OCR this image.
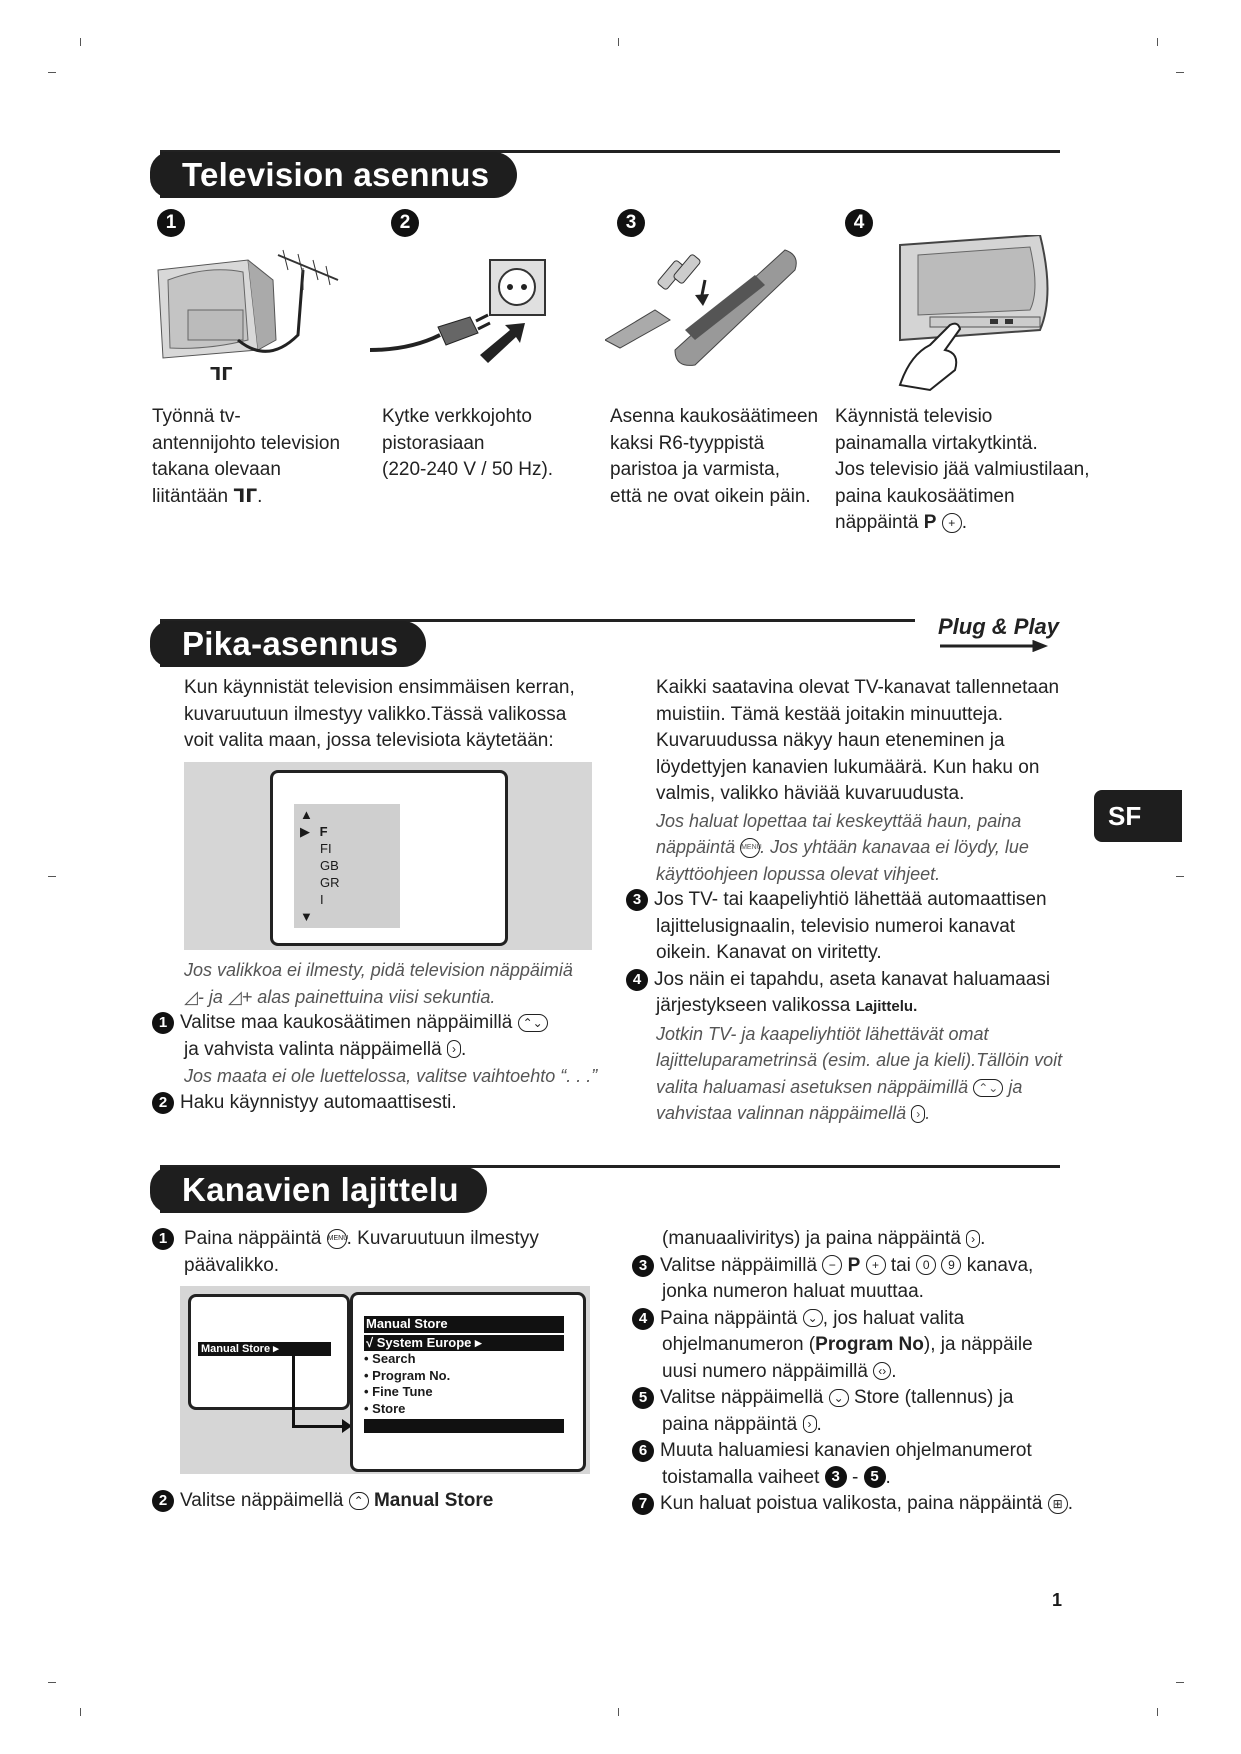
Television asennus
1	2	3	4
ᒣᒥ

Työnnä tv-

antennijohto television

takana olevaan

liitäntään ᒣᒥ.

Kytke verkkojohto

pistorasiaan

(220-240 V / 50 Hz).

Asenna kaukosäätimeen

kaksi R6-tyyppistä

paristoa ja varmista,

että ne ovat oikein päin.

Käynnistä televisio

painamalla virtakytkintä.

Jos televisio jää valmiustilaan,

paina kaukosäätimen

näppäintä P + .

Pika-asennus	Plug & Play

Kun käynnistät television ensimmäisen kerran,

kuvaruutuun ilmestyy valikko.Tässä valikossa

voit valita maan, jossa televisiota käytetään:

▲
▶ F
FI
GB
GR
I
▼

Jos valikkoa ei ilmesty, pidä television näppäimiä

◿- ja ◿+ alas painettuina viisi sekuntia.

1 Valitse maa kaukosäätimen näppäimillä ⌃⌄

ja vahvista valinta näppäimellä › .

Jos maata ei ole luettelossa, valitse vaihtoehto “. . .”

2 Haku käynnistyy automaattisesti.

Kaikki saatavina olevat TV-kanavat tallennetaan

muistiin. Tämä kestää joitakin minuutteja.

Kuvaruudussa näkyy haun eteneminen ja

löydettyjen kanavien lukumäärä. Kun haku on

valmis, valikko häviää kuvaruudusta.

Jos haluat lopettaa tai keskeyttää haun, paina

näppäintä MENU. Jos yhtään kanavaa ei löydy, lue

käyttöohjeen lopussa olevat vihjeet.

3 Jos TV- tai kaapeliyhtiö lähettää automaattisen

lajittelusignaalin, televisio numeroi kanavat

oikein. Kanavat on viritetty.

4 Jos näin ei tapahdu, aseta kanavat haluamaasi

järjestykseen valikossa Lajittelu.

Jotkin TV- ja kaapeliyhtiöt lähettävät omat

lajitteluparametrinsä (esim. alue ja kieli).Tällöin voit

valita haluamasi asetuksen näppäimillä ⌃⌄ ja

vahvistaa valinnan näppäimellä › .

SF
Kanavien lajittelu

1 Paina näppäintä MENU. Kuvaruutuun ilmestyy

päävalikko.

Manual Store ▸
Manual Store
√ System Europe ▸
• Search
• Program No.
• Fine Tune
• Store

2 Valitse näppäimellä ⌃ Manual Store

(manuaaliviritys) ja paina näppäintä › .

3 Valitse näppäimillä − P + tai 0 9 kanava,

jonka numeron haluat muuttaa.

4 Paina näppäintä ⌄ , jos haluat valita

ohjelmanumeron (Program No), ja näppäile

uusi numero näppäimillä ‹› .

5 Valitse näppäimellä ⌄ Store (tallennus) ja

paina näppäintä › .

6 Muuta haluamiesi kanavien ohjelmanumerot

toistamalla vaiheet 3 - 5 .

7 Kun haluat poistua valikosta, paina näppäintä ⊞ .

1
